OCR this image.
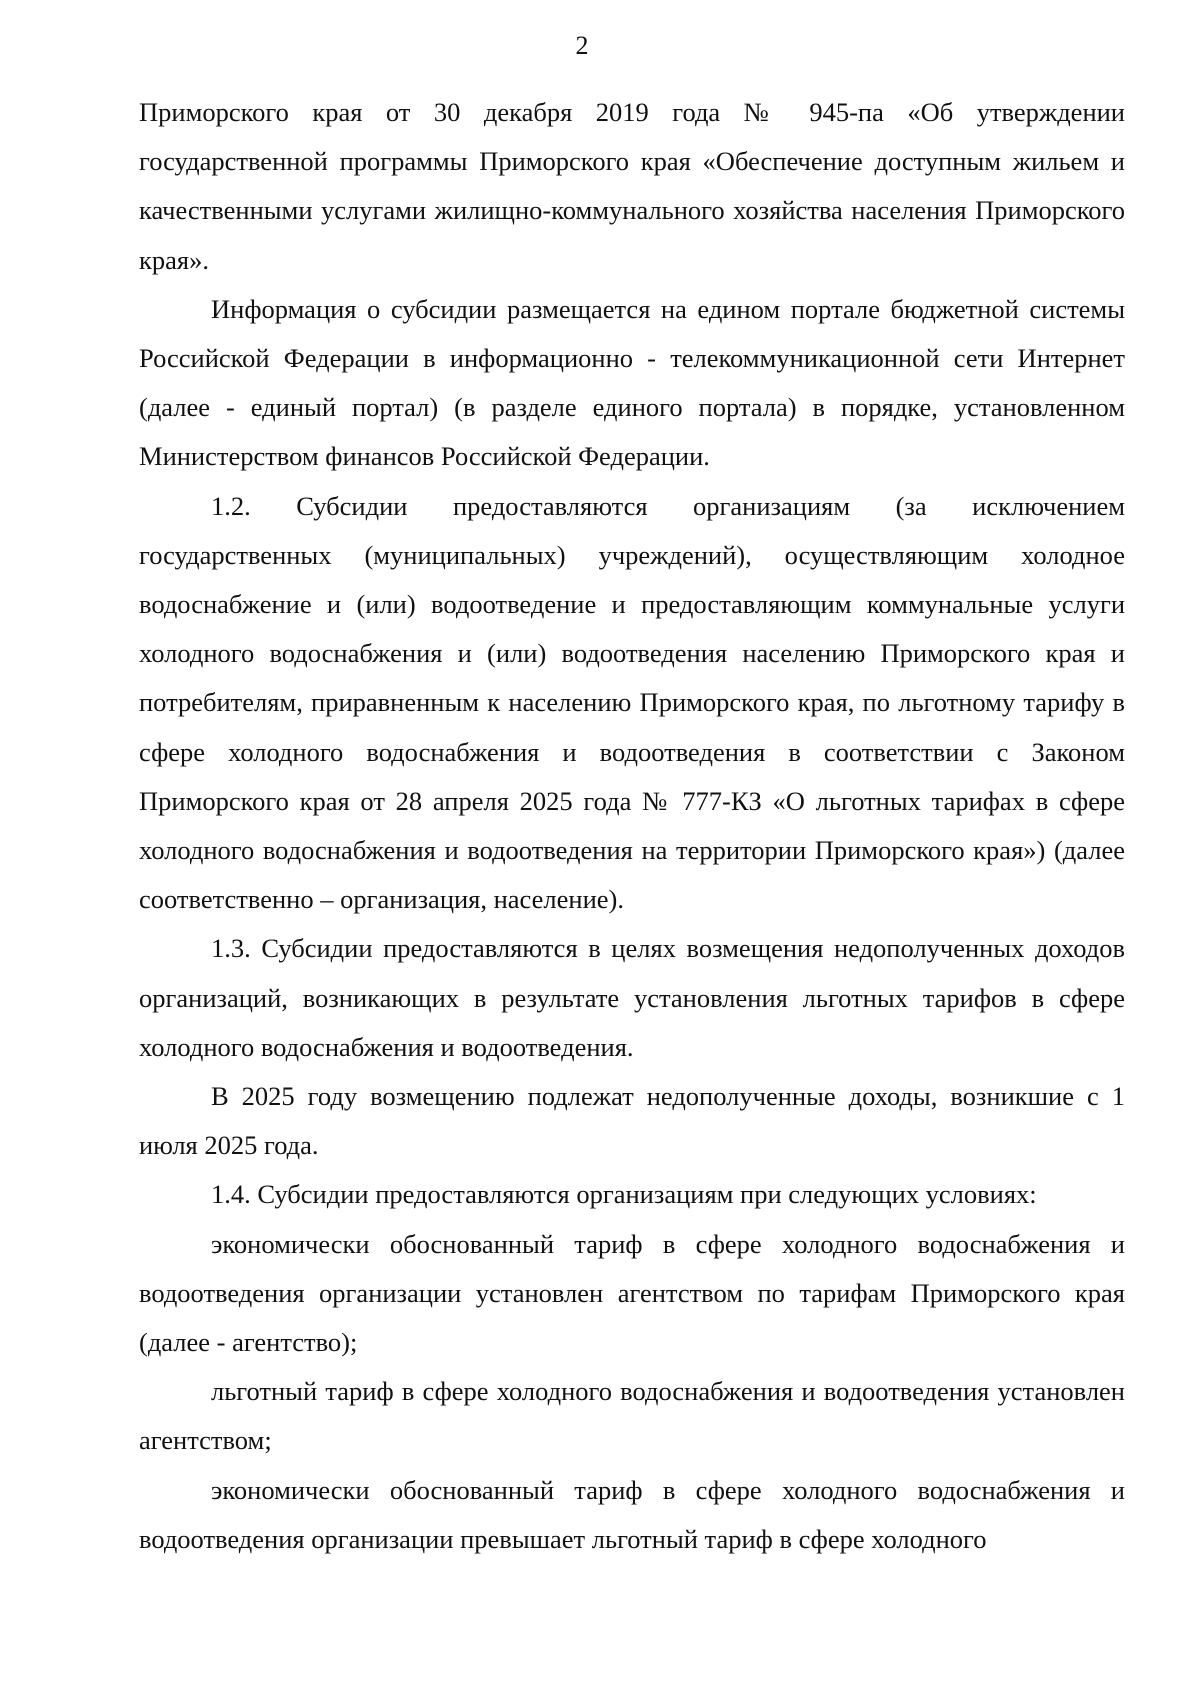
2

Приморского края от 30 декабря 2019 года № 945-па «Об утверждении государственной программы Приморского края «Обеспечение доступным жильем и качественными услугами жилищно-коммунального хозяйства населения Приморского края».

Информация о субсидии размещается на едином портале бюджетной системы Российской Федерации в информационно - телекоммуникационной сети Интернет (далее - единый портал) (в разделе единого портала) в порядке, установленном Министерством финансов Российской Федерации.

1.2. Субсидии предоставляются организациям (за исключением государственных (муниципальных) учреждений), осуществляющим холодное водоснабжение и (или) водоотведение и предоставляющим коммунальные услуги холодного водоснабжения и (или) водоотведения населению Приморского края и потребителям, приравненным к населению Приморского края, по льготному тарифу в сфере холодного водоснабжения и водоотведения в соответствии с Законом Приморского края от 28 апреля 2025 года № 777-КЗ «О льготных тарифах в сфере холодного водоснабжения и водоотведения на территории Приморского края») (далее соответственно – организация, население).

1.3. Субсидии предоставляются в целях возмещения недополученных доходов организаций, возникающих в результате установления льготных тарифов в сфере холодного водоснабжения и водоотведения.

В 2025 году возмещению подлежат недополученные доходы, возникшие с 1 июля 2025 года.

1.4. Субсидии предоставляются организациям при следующих условиях:

экономически обоснованный тариф в сфере холодного водоснабжения и водоотведения организации установлен агентством по тарифам Приморского края (далее - агентство);

льготный тариф в сфере холодного водоснабжения и водоотведения установлен агентством;

экономически обоснованный тариф в сфере холодного водоснабжения и водоотведения организации превышает льготный тариф в сфере холодного
